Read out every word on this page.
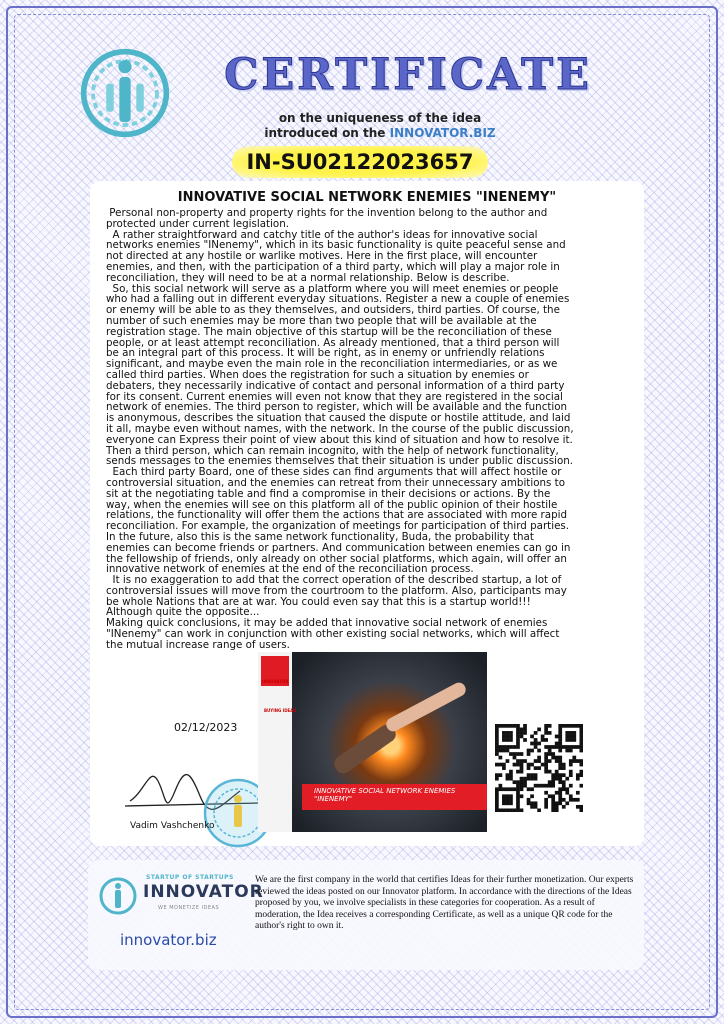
CERTIFICATE
on the uniqueness of the idea
introduced on the INNOVATOR.BIZ
IN-SU02122023657
INNOVATIVE SOCIAL NETWORK ENEMIES "INENEMY"
Personal non-property and property rights for the invention belong to the author and
protected under current legislation.
A rather straightforward and catchy title of the author's ideas for innovative social
networks enemies "INenemy", which in its basic functionality is quite peaceful sense and
not directed at any hostile or warlike motives. Here in the first place, will encounter
enemies, and then, with the participation of a third party, which will play a major role in
reconciliation, they will need to be at a normal relationship. Below is describe.
So, this social network will serve as a platform where you will meet enemies or people
who had a falling out in different everyday situations. Register a new a couple of enemies
or enemy will be able to as they themselves, and outsiders, third parties. Of course, the
number of such enemies may be more than two people that will be available at the
registration stage. The main objective of this startup will be the reconciliation of these
people, or at least attempt reconciliation. As already mentioned, that a third person will
be an integral part of this process. It will be right, as in enemy or unfriendly relations
significant, and maybe even the main role in the reconciliation intermediaries, or as we
called third parties. When does the registration for such a situation by enemies or
debaters, they necessarily indicative of contact and personal information of a third party
for its consent. Current enemies will even not know that they are registered in the social
network of enemies. The third person to register, which will be available and the function
is anonymous, describes the situation that caused the dispute or hostile attitude, and laid
it all, maybe even without names, with the network. In the course of the public discussion,
everyone can Express their point of view about this kind of situation and how to resolve it.
Then a third person, which can remain incognito, with the help of network functionality,
sends messages to the enemies themselves that their situation is under public discussion.
Each third party Board, one of these sides can find arguments that will affect hostile or
controversial situation, and the enemies can retreat from their unnecessary ambitions to
sit at the negotiating table and find a compromise in their decisions or actions. By the
way, when the enemies will see on this platform all of the public opinion of their hostile
relations, the functionality will offer them the actions that are associated with more rapid
reconciliation. For example, the organization of meetings for participation of third parties.
In the future, also this is the same network functionality, Buda, the probability that
enemies can become friends or partners. And communication between enemies can go in
the fellowship of friends, only already on other social platforms, which again, will offer an
innovative network of enemies at the end of the reconciliation process.
It is no exaggeration to add that the correct operation of the described startup, a lot of
controversial issues will move from the courtroom to the platform. Also, participants may
be whole Nations that are at war. You could even say that this is a startup world!!!
Although quite the opposite...
Making quick conclusions, it may be added that innovative social network of enemies
"INenemy" can work in conjunction with other existing social networks, which will affect
the mutual increase range of users.
02/12/2023
Vadim Vashchenko
INNOVATOR
BUYING IDEAS
INNOVATIVE SOCIAL NETWORK ENEMIES "INENEMY"
STARTUP OF STARTUPS
INNOVATOR
WE MONETIZE IDEAS
innovator.biz
We are the first company in the world that certifies Ideas for their further monetization. Our experts reviewed the ideas posted on our Innovator platform. In accordance with the directions of the Ideas proposed by you, we involve specialists in these categories for cooperation. As a result of moderation, the Idea receives a corresponding Certificate, as well as a unique QR code for the author's right to own it.
